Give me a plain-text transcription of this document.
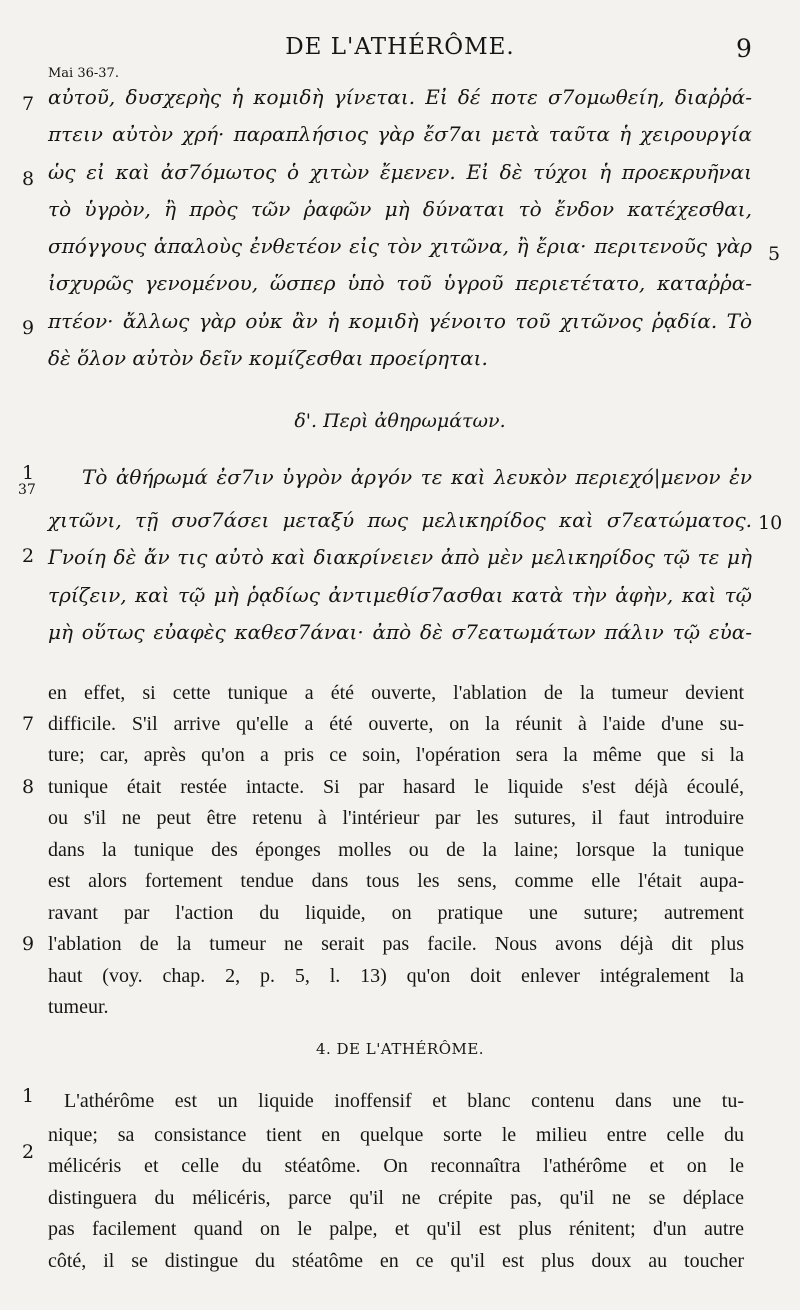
DE L'ATHÉRÔME.	9
Mai 36-37.
αὐτοῦ, δυσχερὴς ἡ κομιδὴ γίνεται. Εἰ δέ ποτε σ7ομωθείη, διαῤῥά-
πτειν αὐτὸν χρή· παραπλήσιος γὰρ ἔσ7αι μετὰ ταῦτα ἡ χειρουργία
ὡς εἰ καὶ ἀσ7όμωτος ὁ χιτὼν ἔμενεν. Εἰ δὲ τύχοι ἡ προεκρυῆναι
τὸ ὑγρὸν, ἢ πρὸς τῶν ῥαφῶν μὴ δύναται τὸ ἔνδον κατέχεσθαι,
σπόγγους ἁπαλοὺς ἐνθετέον εἰς τὸν χιτῶνα, ἢ ἔρια· περιτενοῦς γὰρ
ἰσχυρῶς γενομένου, ὥσπερ ὑπὸ τοῦ ὑγροῦ περιετέτατο, καταῤῥα-
πτέον· ἄλλως γὰρ οὐκ ἂν ἡ κομιδὴ γένοιτο τοῦ χιτῶνος ῥᾳδία. Τὸ
δὲ ὅλον αὐτὸν δεῖν κομίζεσθαι προείρηται.
7
8
9
5
δ'. Περὶ ἀθηρωμάτων.
Τὸ ἀθήρωμά ἐσ7ιν ὑγρὸν ἀργόν τε καὶ λευκὸν περιεχό|μενον ἐν
χιτῶνι, τῇ συσ7άσει μεταξύ πως μελικηρίδος καὶ σ7εατώματος.
Γνοίη δὲ ἄν τις αὐτὸ καὶ διακρίνειεν ἀπὸ μὲν μελικηρίδος τῷ τε μὴ
τρίζειν, καὶ τῷ μὴ ῥᾳδίως ἀντιμεθίσ7ασθαι κατὰ τὴν ἁφὴν, καὶ τῷ
μὴ οὕτως εὐαφὲς καθεσ7άναι· ἀπὸ δὲ σ7εατωμάτων πάλιν τῷ εὐα-
1
37
2
10
en effet, si cette tunique a été ouverte, l'ablation de la tumeur devient
difficile. S'il arrive qu'elle a été ouverte, on la réunit à l'aide d'une su-
ture; car, après qu'on a pris ce soin, l'opération sera la même que si la
tunique était restée intacte. Si par hasard le liquide s'est déjà écoulé,
ou s'il ne peut être retenu à l'intérieur par les sutures, il faut introduire
dans la tunique des éponges molles ou de la laine; lorsque la tunique
est alors fortement tendue dans tous les sens, comme elle l'était aupa-
ravant par l'action du liquide, on pratique une suture; autrement
l'ablation de la tumeur ne serait pas facile. Nous avons déjà dit plus
haut (voy. chap. 2, p. 5, l. 13) qu'on doit enlever intégralement la
tumeur.
7
8
9
4. DE L'ATHÉRÔME.
L'athérôme est un liquide inoffensif et blanc contenu dans une tu-
nique; sa consistance tient en quelque sorte le milieu entre celle du
mélicéris et celle du stéatôme. On reconnaîtra l'athérôme et on le
distinguera du mélicéris, parce qu'il ne crépite pas, qu'il ne se déplace
pas facilement quand on le palpe, et qu'il est plus rénitent; d'un autre
côté, il se distingue du stéatôme en ce qu'il est plus doux au toucher
1
2
